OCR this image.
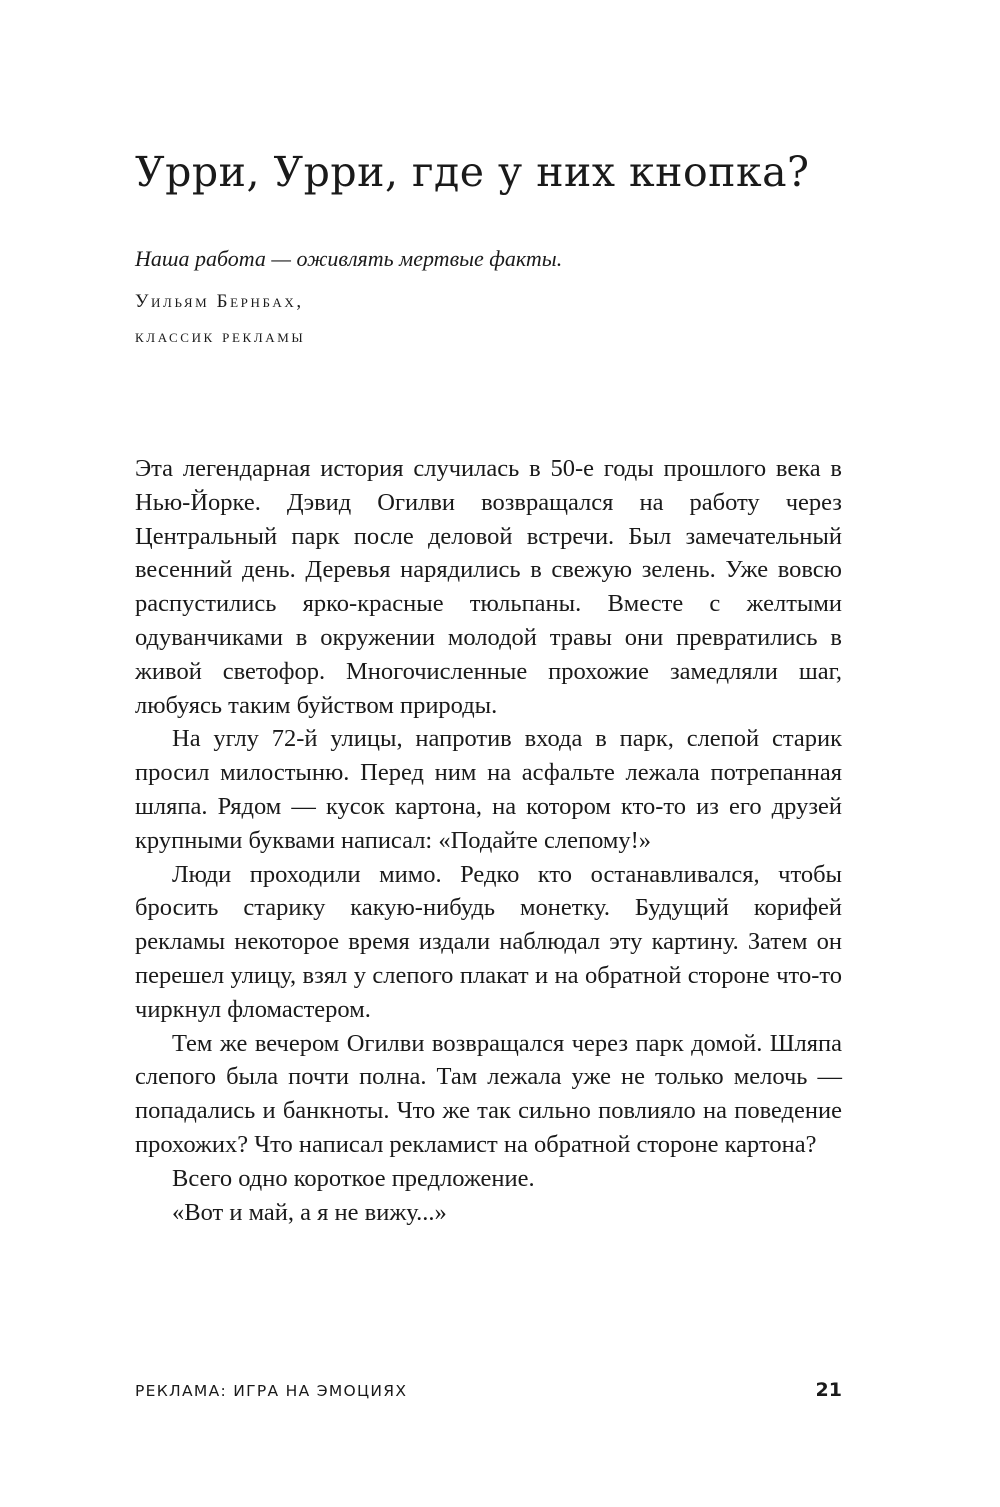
Урри, Урри, где у них кнопка?

Наша работа — оживлять мертвые факты.

Уильям Бернбах,

классик рекламы

Эта легендарная история случилась в 50-е годы прошлого века в Нью-Йорке. Дэвид Огилви возвращался на работу через Центральный парк после деловой встречи. Был замечательный весенний день. Деревья нарядились в свежую зелень. Уже вовсю распустились ярко-красные тюльпаны. Вместе с желтыми одуванчиками в окружении молодой травы они превратились в живой светофор. Многочисленные прохожие замедляли шаг, любуясь таким буйством природы.

На углу 72-й улицы, напротив входа в парк, слепой старик просил милостыню. Перед ним на асфальте лежала потрепанная шляпа. Рядом — кусок картона, на котором кто-то из его друзей крупными буквами написал: «Подайте слепому!»

Люди проходили мимо. Редко кто останавливался, чтобы бросить старику какую-нибудь монетку. Будущий корифей рекламы некоторое время издали наблюдал эту картину. Затем он перешел улицу, взял у слепого плакат и на обратной стороне что-то чиркнул фломастером.

Тем же вечером Огилви возвращался через парк домой. Шляпа слепого была почти полна. Там лежала уже не только мелочь — попадались и банкноты. Что же так сильно повлияло на поведение прохожих? Что написал рекламист на обратной стороне картона?

Всего одно короткое предложение.

«Вот и май, а я не вижу...»

РЕКЛАМА: ИГРА НА ЭМОЦИЯХ	21
